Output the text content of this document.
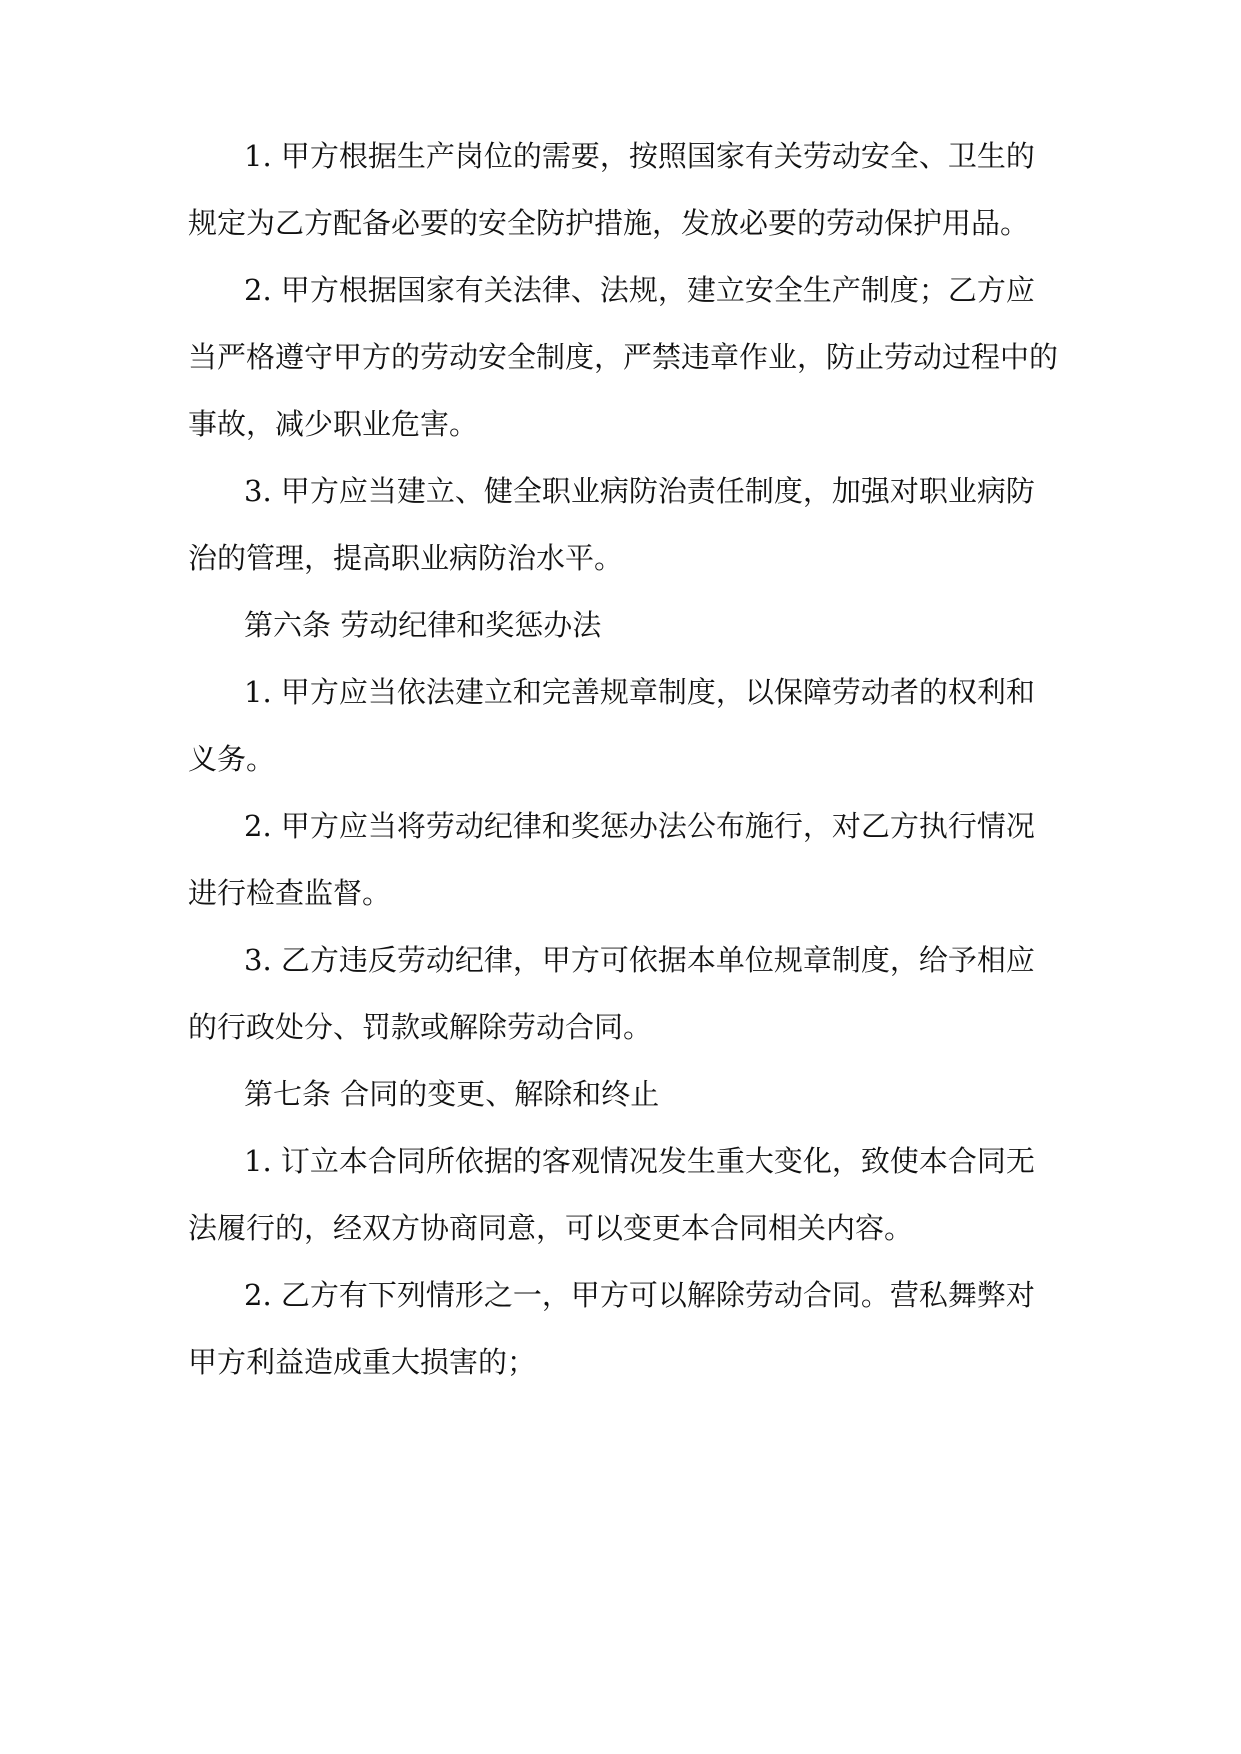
1. 甲方根据生产岗位的需要，按照国家有关劳动安全、卫生的
规定为乙方配备必要的安全防护措施，发放必要的劳动保护用品。
2. 甲方根据国家有关法律、法规，建立安全生产制度；乙方应
当严格遵守甲方的劳动安全制度，严禁违章作业，防止劳动过程中的
事故，减少职业危害。
3. 甲方应当建立、健全职业病防治责任制度，加强对职业病防
治的管理，提高职业病防治水平。
第六条 劳动纪律和奖惩办法
1. 甲方应当依法建立和完善规章制度，以保障劳动者的权利和
义务。
2. 甲方应当将劳动纪律和奖惩办法公布施行，对乙方执行情况
进行检查监督。
3. 乙方违反劳动纪律，甲方可依据本单位规章制度，给予相应
的行政处分、罚款或解除劳动合同。
第七条 合同的变更、解除和终止
1. 订立本合同所依据的客观情况发生重大变化，致使本合同无
法履行的，经双方协商同意，可以变更本合同相关内容。
2. 乙方有下列情形之一，甲方可以解除劳动合同。营私舞弊对
甲方利益造成重大损害的；
